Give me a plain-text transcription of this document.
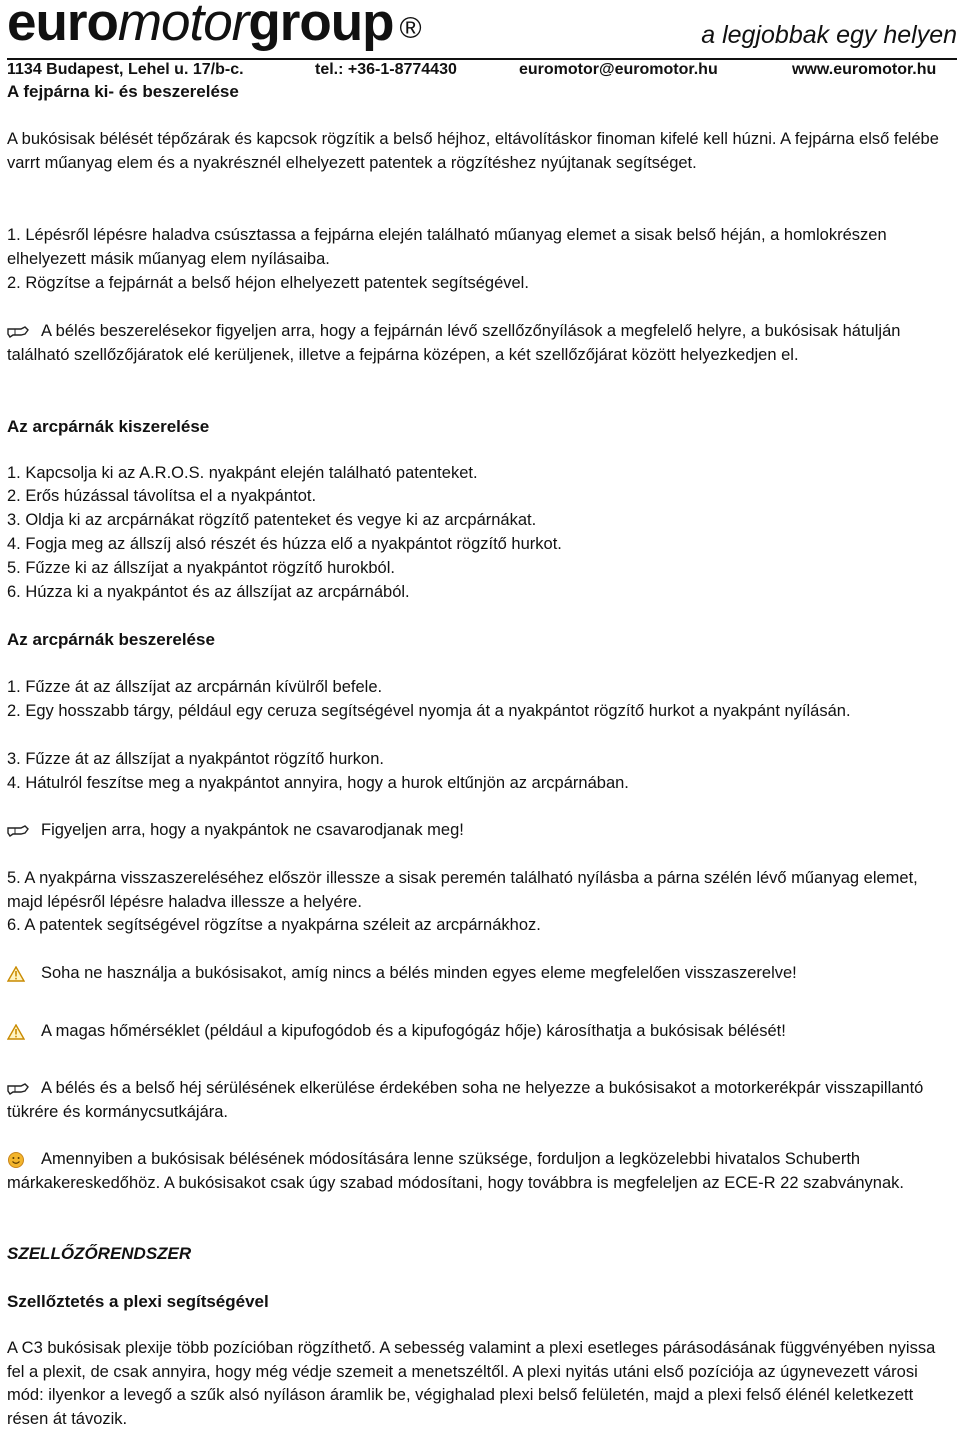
euromotorgroup ®	a legjobbak egy helyen
1134 Budapest, Lehel u. 17/b-c.	tel.: +36-1-8774430	euromotor@euromotor.hu	www.euromotor.hu
A fejpárna ki- és beszerelése
A bukósisak bélését tépőzárak és kapcsok rögzítik a belső héjhoz, eltávolításkor finoman kifelé kell húzni. A fejpárna első felébe varrt műanyag elem és a nyakrésznél elhelyezett patentek a rögzítéshez nyújtanak segítséget.
1. Lépésről lépésre haladva csúsztassa a fejpárna elején található műanyag elemet a sisak belső héján, a homlokrészen elhelyezett másik műanyag elem nyílásaiba.
2. Rögzítse a fejpárnát a belső héjon elhelyezett patentek segítségével.
A bélés beszerelésekor figyeljen arra, hogy a fejpárnán lévő szellőzőnyílások a megfelelő helyre, a bukósisak hátulján található szellőzőjáratok elé kerüljenek, illetve a fejpárna középen, a két szellőzőjárat között helyezkedjen el.
Az arcpárnák kiszerelése
1. Kapcsolja ki az A.R.O.S. nyakpánt elején található patenteket.
2. Erős húzással távolítsa el a nyakpántot.
3. Oldja ki az arcpárnákat rögzítő patenteket és vegye ki az arcpárnákat.
4. Fogja meg az állszíj alsó részét és húzza elő a nyakpántot rögzítő hurkot.
5. Fűzze ki az állszíjat a nyakpántot rögzítő hurokból.
6. Húzza ki a nyakpántot és az állszíjat az arcpárnából.
Az arcpárnák beszerelése
1. Fűzze át az állszíjat az arcpárnán kívülről befele.
2. Egy hosszabb tárgy, például egy ceruza segítségével nyomja át a nyakpántot rögzítő hurkot a nyakpánt nyílásán.
3. Fűzze át az állszíjat a nyakpántot rögzítő hurkon.
4. Hátulról feszítse meg a nyakpántot annyira, hogy a hurok eltűnjön az arcpárnában.
Figyeljen arra, hogy a nyakpántok ne csavarodjanak meg!
5. A nyakpárna visszaszereléséhez először illessze a sisak peremén található nyílásba a párna szélén lévő műanyag elemet, majd lépésről lépésre haladva illessze a helyére.
6. A patentek segítségével rögzítse a nyakpárna széleit az arcpárnákhoz.
Soha ne használja a bukósisakot, amíg nincs a bélés minden egyes eleme megfelelően visszaszerelve!
A magas hőmérséklet (például a kipufogódob és a kipufogógáz hője) károsíthatja a bukósisak bélését!
A bélés és a belső héj sérülésének elkerülése érdekében soha ne helyezze a bukósisakot a motorkerékpár visszapillantó tükrére és kormánycsutkájára.
Amennyiben a bukósisak bélésének módosítására lenne szüksége, forduljon a legközelebbi hivatalos Schuberth márkakereskedőhöz. A bukósisakot csak úgy szabad módosítani, hogy továbbra is megfeleljen az ECE-R 22 szabványnak.
SZELLŐZŐRENDSZER
Szellőztetés a plexi segítségével
A C3 bukósisak plexije több pozícióban rögzíthető. A sebesség valamint a plexi esetleges párásodásának függvényében nyissa fel a plexit, de csak annyira, hogy még védje szemeit a menetszéltől. A plexi nyitás utáni első pozíciója az úgynevezett városi mód: ilyenkor a levegő a szűk alsó nyíláson áramlik be, végighalad plexi belső felületén, majd a plexi felső élénél keletkezett résen át távozik.
